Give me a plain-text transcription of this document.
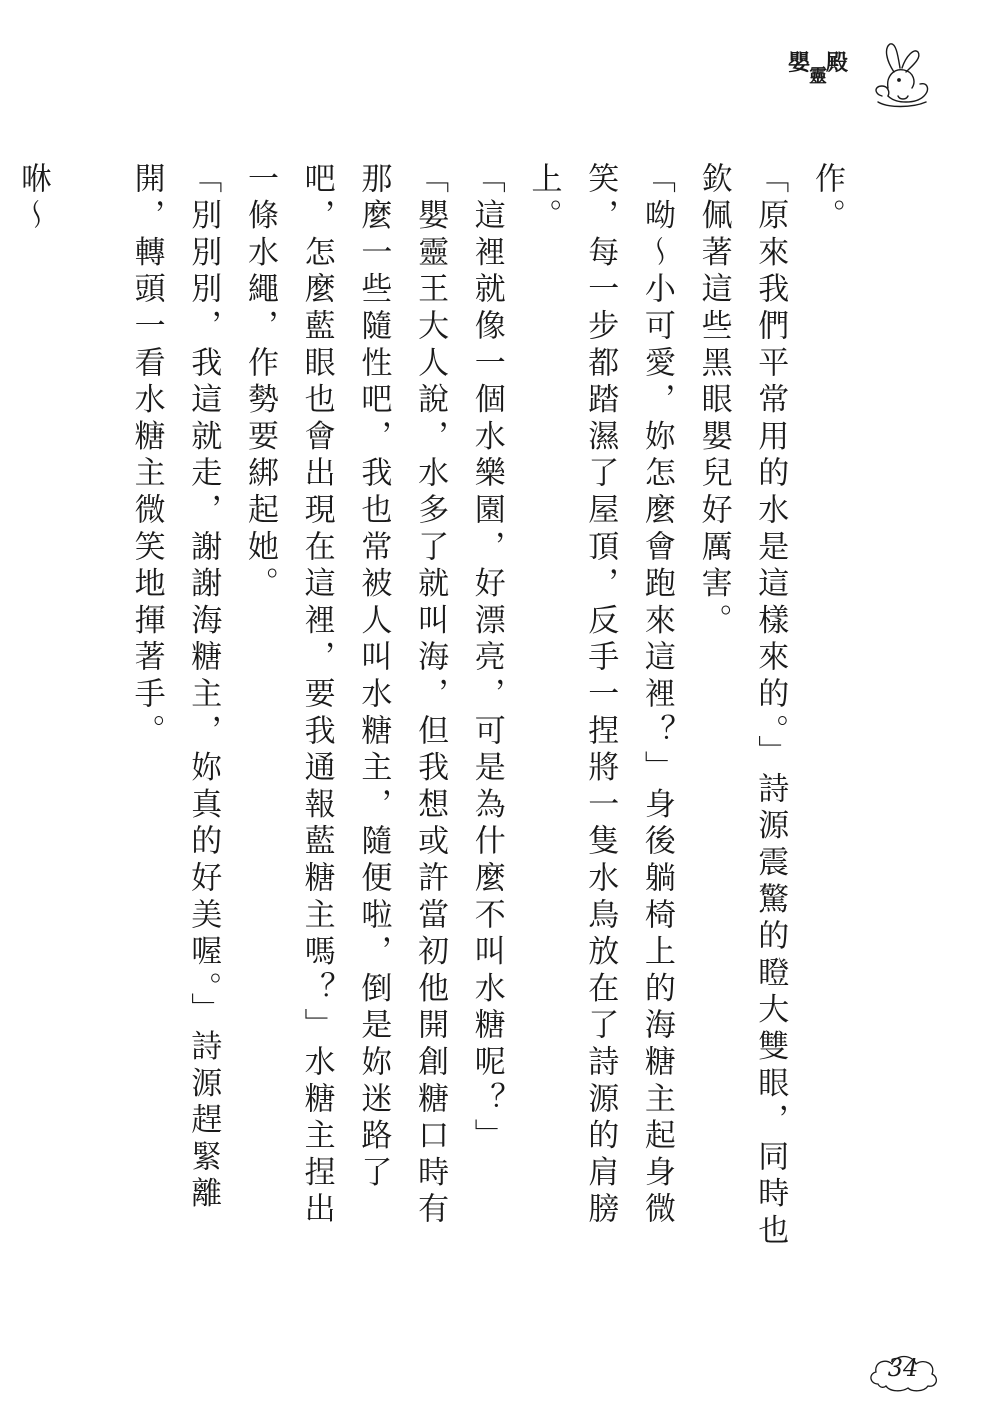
嬰靈殿

作。

「原來我們平常用的水是這樣來的。」詩源震驚的瞪大雙眼，同時也欽佩著這些黑眼嬰兒好厲害。

「呦～小可愛，妳怎麼會跑來這裡？」身後躺椅上的海糖主起身微笑，每一步都踏濕了屋頂，反手一捏將一隻水鳥放在了詩源的肩膀上。

「這裡就像一個水樂園，好漂亮，可是為什麼不叫水糖呢？」

「嬰靈王大人說，水多了就叫海，但我想或許當初他開創糖口時有那麼一些隨性吧，我也常被人叫水糖主，隨便啦，倒是妳迷路了吧，怎麼藍眼也會出現在這裡，要我通報藍糖主嗎？」水糖主捏出一條水繩，作勢要綁起她。

「別別別，我這就走，謝謝海糖主，妳真的好美喔。」詩源趕緊離開，轉頭一看水糖主微笑地揮著手。

咻～

34
